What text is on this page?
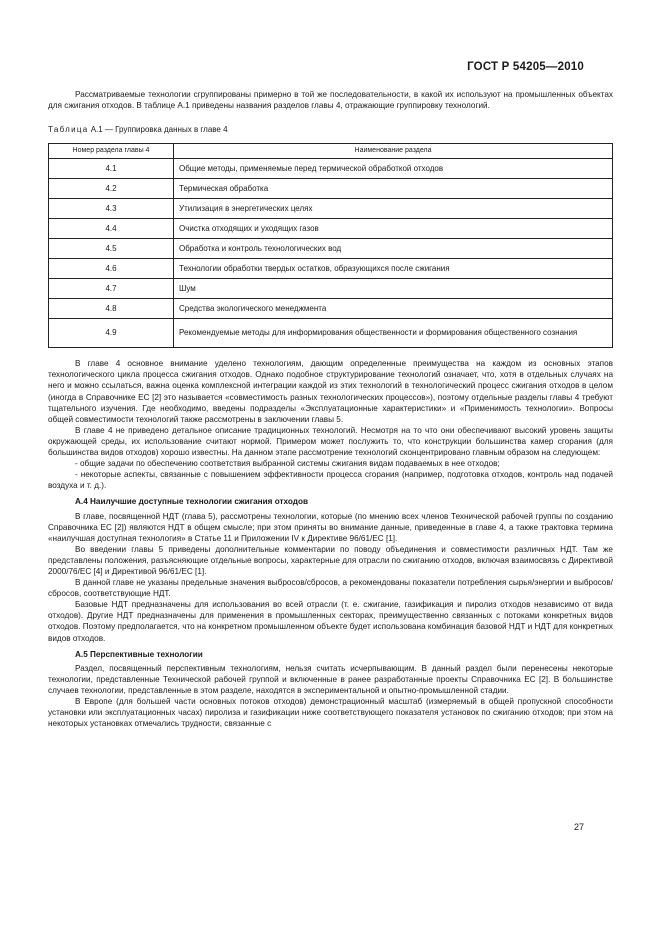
ГОСТ Р 54205—2010

Рассматриваемые технологии сгруппированы примерно в той же последовательности, в какой их используют на промышленных объектах для сжигания отходов. В таблице А.1 приведены названия разделов главы 4, отражающие группировку технологий.

Таблица А.1 — Группировка данных в главе 4

Номер раздела главы 4	Наименование раздела
4.1	Общие методы, применяемые перед термической обработкой отходов
4.2	Термическая обработка
4.3	Утилизация в энергетических целях
4.4	Очистка отходящих и уходящих газов
4.5	Обработка и контроль технологических вод
4.6	Технологии обработки твердых остатков, образующихся после сжигания
4.7	Шум
4.8	Средства экологического менеджмента
4.9	Рекомендуемые методы для информирования общественности и формирования общественного сознания

В главе 4 основное внимание уделено технологиям, дающим определенные преимущества на каждом из основных этапов технологического цикла процесса сжигания отходов. Однако подобное структурирование технологий означает, что, хотя в отдельных случаях на него и можно ссылаться, важна оценка комплексной интеграции каждой из этих технологий в технологический процесс сжигания отходов в целом (иногда в Справочнике ЕС [2] это называется «совместимость разных технологических процессов»), поэтому отдельные разделы главы 4 требуют тщательного изучения. Где необходимо, введены подразделы «Эксплуатационные характеристики» и «Применимость технологии». Вопросы общей совместимости технологий также рассмотрены в заключении главы 5.

В главе 4 не приведено детальное описание традиционных технологий. Несмотря на то что они обеспечивают высокий уровень защиты окружающей среды, их использование считают нормой. Примером может послужить то, что конструкции большинства камер сгорания (для большинства видов отходов) хорошо известны. На данном этапе рассмотрение технологий сконцентрировано главным образом на следующем:

- общие задачи по обеспечению соответствия выбранной системы сжигания видам подаваемых в нее отходов;

- некоторые аспекты, связанные с повышением эффективности процесса сгорания (например, подготовка отходов, контроль над подачей воздуха и т. д.).

А.4 Наилучшие доступные технологии сжигания отходов

В главе, посвященной НДТ (глава 5), рассмотрены технологии, которые (по мнению всех членов Технической рабочей группы по созданию Справочника ЕС [2]) являются НДТ в общем смысле; при этом приняты во внимание данные, приведенные в главе 4, а также трактовка термина «наилучшая доступная технология» в Статье 11 и Приложении IV к Директиве 96/61/ЕС [1].

Во введении главы 5 приведены дополнительные комментарии по поводу объединения и совместимости различных НДТ. Там же представлены положения, разъясняющие отдельные вопросы, характерные для отрасли по сжиганию отходов, включая взаимосвязь с Директивой 2000/76/ЕС [4] и Директивой 96/61/ЕС [1].

В данной главе не указаны предельные значения выбросов/сбросов, а рекомендованы показатели потребления сырья/энергии и выбросов/сбросов, соответствующие НДТ.

Базовые НДТ предназначены для использования во всей отрасли (т. е. сжигание, газификация и пиролиз отходов независимо от вида отходов). Другие НДТ предназначены для применения в промышленных секторах, преимущественно связанных с потоками конкретных видов отходов. Поэтому предполагается, что на конкретном промышленном объекте будет использована комбинация базовой НДТ и НДТ для конкретных видов отходов.

А.5 Перспективные технологии

Раздел, посвященный перспективным технологиям, нельзя считать исчерпывающим. В данный раздел были перенесены некоторые технологии, представленные Технической рабочей группой и включенные в ранее разработанные проекты Справочника ЕС [2]. В большинстве случаев технологии, представленные в этом разделе, находятся в экспериментальной и опытно-промышленной стадии.

В Европе (для большей части основных потоков отходов) демонстрационный масштаб (измеряемый в общей пропускной способности установки или эксплуатационных часах) пиролиза и газификации ниже соответствующего показателя установок по сжиганию отходов; при этом на некоторых установках отмечались трудности, связанные с

27
